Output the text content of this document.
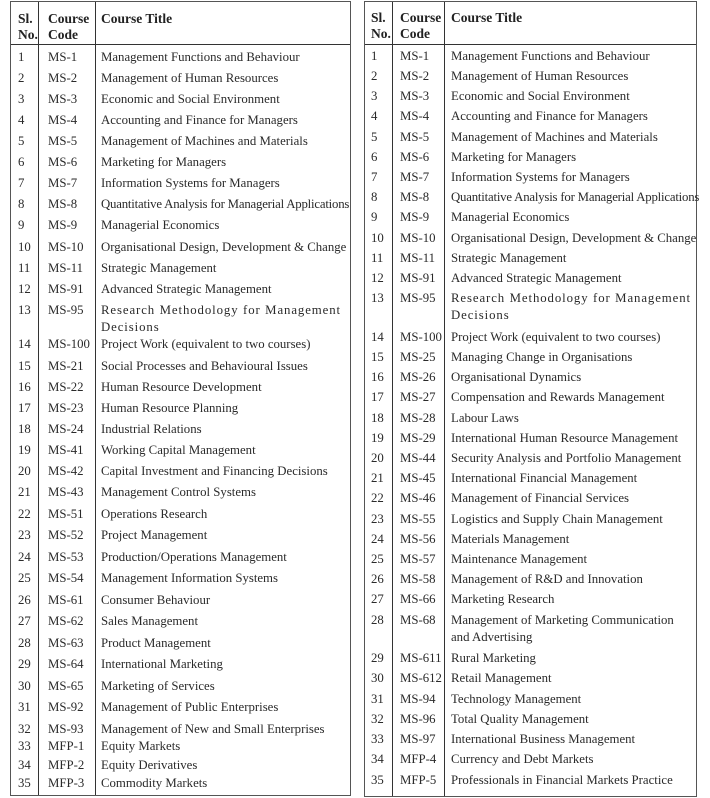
Sl.
No.
Course
Code
Course Title
1 MS-1 Management Functions and Behaviour
2 MS-2 Management of Human Resources
3 MS-3 Economic and Social Environment
4 MS-4 Accounting and Finance for Managers
5 MS-5 Management of Machines and Materials
6 MS-6 Marketing for Managers
7 MS-7 Information Systems for Managers
8 MS-8 Quantitative Analysis for Managerial Applications
9 MS-9 Managerial Economics
10 MS-10 Organisational Design, Development & Change
11 MS-11 Strategic Management
12 MS-91 Advanced Strategic Management
13 MS-95 Research Methodology for Management Decisions
14 MS-100 Project Work (equivalent to two courses)
15 MS-21 Social Processes and Behavioural Issues
16 MS-22 Human Resource Development
17 MS-23 Human Resource Planning
18 MS-24 Industrial Relations
19 MS-41 Working Capital Management
20 MS-42 Capital Investment and Financing Decisions
21 MS-43 Management Control Systems
22 MS-51 Operations Research
23 MS-52 Project Management
24 MS-53 Production/Operations Management
25 MS-54 Management Information Systems
26 MS-61 Consumer Behaviour
27 MS-62 Sales Management
28 MS-63 Product Management
29 MS-64 International Marketing
30 MS-65 Marketing of Services
31 MS-92 Management of Public Enterprises
32 MS-93 Management of New and Small Enterprises
33 MFP-1 Equity Markets
34 MFP-2 Equity Derivatives
35 MFP-3 Commodity Markets
Sl.
No.
Course
Code
Course Title
1 MS-1 Management Functions and Behaviour
2 MS-2 Management of Human Resources
3 MS-3 Economic and Social Environment
4 MS-4 Accounting and Finance for Managers
5 MS-5 Management of Machines and Materials
6 MS-6 Marketing for Managers
7 MS-7 Information Systems for Managers
8 MS-8 Quantitative Analysis for Managerial Applications
9 MS-9 Managerial Economics
10 MS-10 Organisational Design, Development & Change
11 MS-11 Strategic Management
12 MS-91 Advanced Strategic Management
13 MS-95 Research Methodology for Management Decisions
14 MS-100 Project Work (equivalent to two courses)
15 MS-25 Managing Change in Organisations
16 MS-26 Organisational Dynamics
17 MS-27 Compensation and Rewards Management
18 MS-28 Labour Laws
19 MS-29 International Human Resource Management
20 MS-44 Security Analysis and Portfolio Management
21 MS-45 International Financial Management
22 MS-46 Management of Financial Services
23 MS-55 Logistics and Supply Chain Management
24 MS-56 Materials Management
25 MS-57 Maintenance Management
26 MS-58 Management of R&D and Innovation
27 MS-66 Marketing Research
28 MS-68 Management of Marketing Communication and Advertising
29 MS-611 Rural Marketing
30 MS-612 Retail Management
31 MS-94 Technology Management
32 MS-96 Total Quality Management
33 MS-97 International Business Management
34 MFP-4 Currency and Debt Markets
35 MFP-5 Professionals in Financial Markets Practice
